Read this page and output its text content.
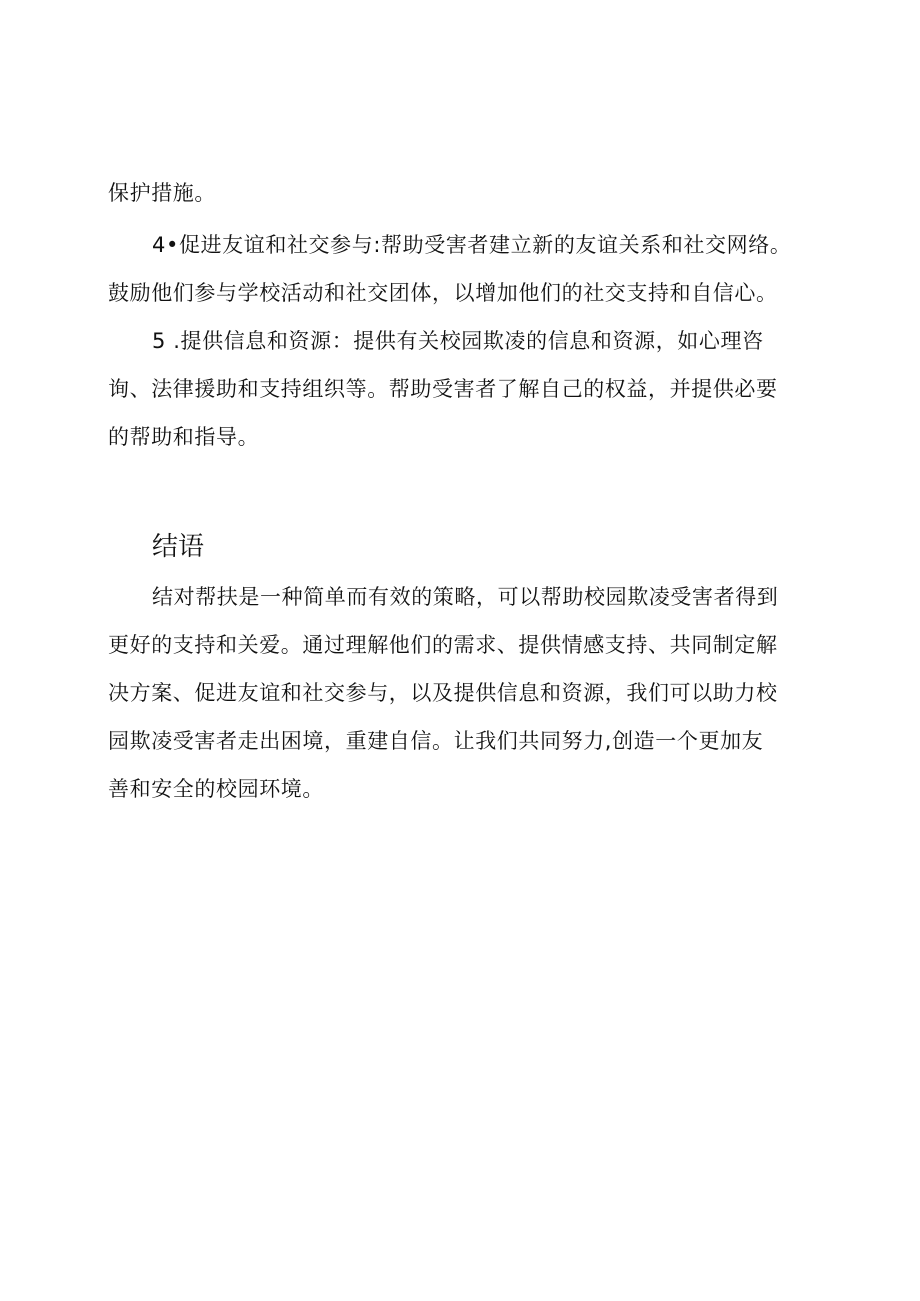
保护措施。
4•促进友谊和社交参与:帮助受害者建立新的友谊关系和社交网络。
鼓励他们参与学校活动和社交团体，以增加他们的社交支持和自信心。
5 .提供信息和资源：提供有关校园欺凌的信息和资源，如心理咨
询、法律援助和支持组织等。帮助受害者了解自己的权益，并提供必要
的帮助和指导。
结语
结对帮扶是一种简单而有效的策略，可以帮助校园欺凌受害者得到
更好的支持和关爱。通过理解他们的需求、提供情感支持、共同制定解
决方案、促进友谊和社交参与，以及提供信息和资源，我们可以助力校
园欺凌受害者走出困境，重建自信。让我们共同努力,创造一个更加友
善和安全的校园环境。
